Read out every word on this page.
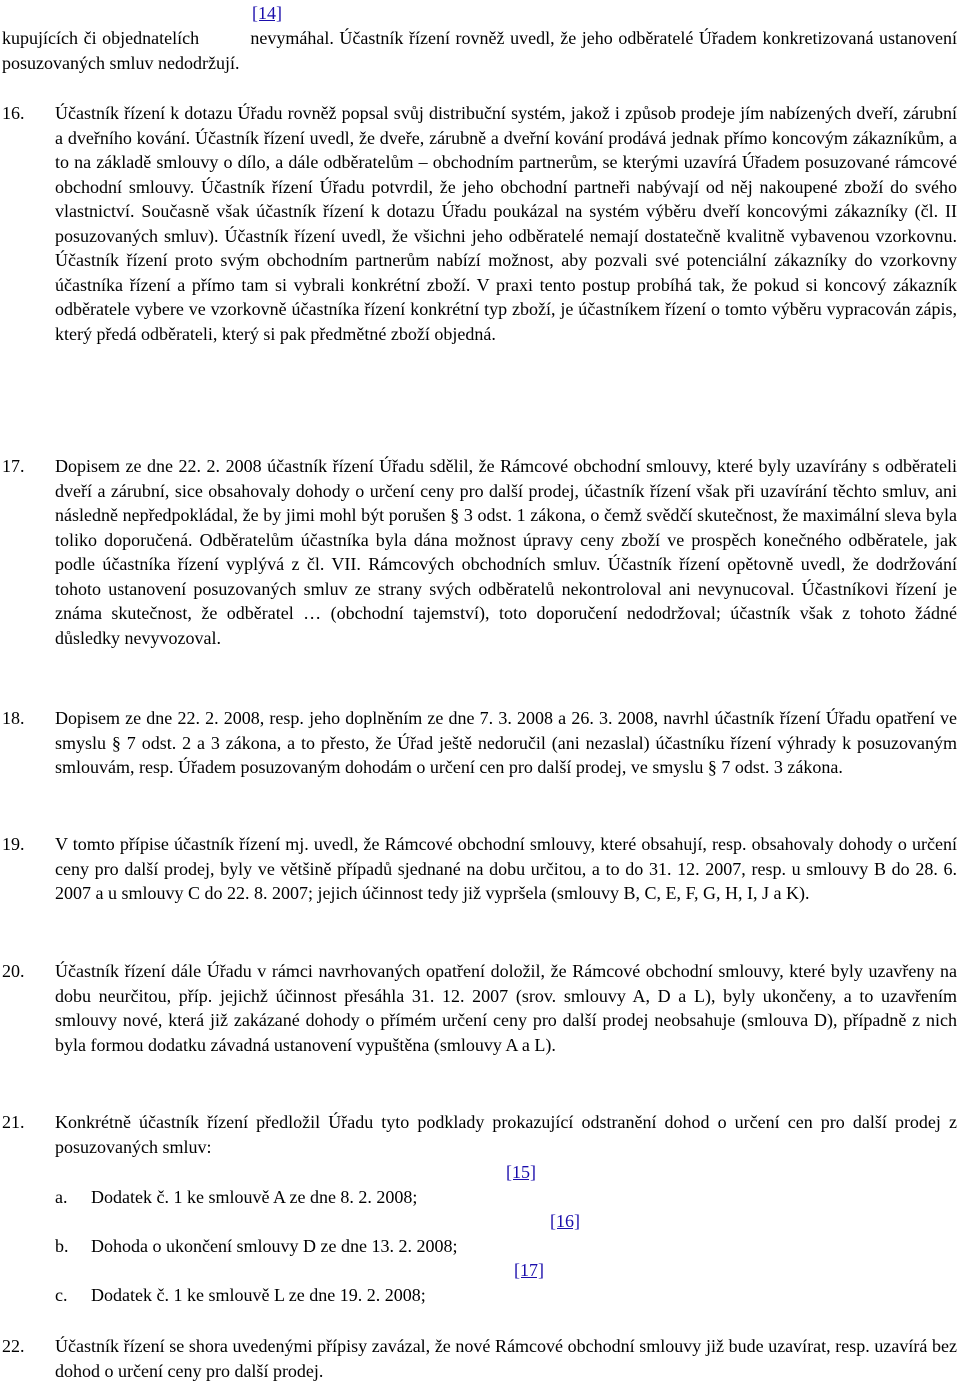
[14]

kupujících či objednatelích	nevymáhal. Účastník řízení rovněž uvedl, že jeho odběratelé Úřadem konkretizovaná ustanovení posuzovaných smluv nedodržují.

16. Účastník řízení k dotazu Úřadu rovněž popsal svůj distribuční systém, jakož i způsob prodeje jím nabízených dveří, zárubní a dveřního kování. Účastník řízení uvedl, že dveře, zárubně a dveřní kování prodává jednak přímo koncovým zákazníkům, a to na základě smlouvy o dílo, a dále odběratelům – obchodním partnerům, se kterými uzavírá Úřadem posuzované rámcové obchodní smlouvy. Účastník řízení Úřadu potvrdil, že jeho obchodní partneři nabývají od něj nakoupené zboží do svého vlastnictví. Současně však účastník řízení k dotazu Úřadu poukázal na systém výběru dveří koncovými zákazníky (čl. II posuzovaných smluv). Účastník řízení uvedl, že všichni jeho odběratelé nemají dostatečně kvalitně vybavenou vzorkovnu. Účastník řízení proto svým obchodním partnerům nabízí možnost, aby pozvali své potenciální zákazníky do vzorkovny účastníka řízení a přímo tam si vybrali konkrétní zboží. V praxi tento postup probíhá tak, že pokud si koncový zákazník odběratele vybere ve vzorkovně účastníka řízení konkrétní typ zboží, je účastníkem řízení o tomto výběru vypracován zápis, který předá odběrateli, který si pak předmětné zboží objedná.
17. Dopisem ze dne 22. 2. 2008 účastník řízení Úřadu sdělil, že Rámcové obchodní smlouvy, které byly uzavírány s odběrateli dveří a zárubní, sice obsahovaly dohody o určení ceny pro další prodej, účastník řízení však při uzavírání těchto smluv, ani následně nepředpokládal, že by jimi mohl být porušen § 3 odst. 1 zákona, o čemž svědčí skutečnost, že maximální sleva byla toliko doporučená. Odběratelům účastníka byla dána možnost úpravy ceny zboží ve prospěch konečného odběratele, jak podle účastníka řízení vyplývá z čl. VII. Rámcových obchodních smluv. Účastník řízení opětovně uvedl, že dodržování tohoto ustanovení posuzovaných smluv ze strany svých odběratelů nekontroloval ani nevynucoval. Účastníkovi řízení je známa skutečnost, že odběratel … (obchodní tajemství), toto doporučení nedodržoval; účastník však z tohoto žádné důsledky nevyvozoval.
18. Dopisem ze dne 22. 2. 2008, resp. jeho doplněním ze dne 7. 3. 2008 a 26. 3. 2008, navrhl účastník řízení Úřadu opatření ve smyslu § 7 odst. 2 a 3 zákona, a to přesto, že Úřad ještě nedoručil (ani nezaslal) účastníku řízení výhrady k posuzovaným smlouvám, resp. Úřadem posuzovaným dohodám o určení cen pro další prodej, ve smyslu § 7 odst. 3 zákona.
19. V tomto přípise účastník řízení mj. uvedl, že Rámcové obchodní smlouvy, které obsahují, resp. obsahovaly dohody o určení ceny pro další prodej, byly ve většině případů sjednané na dobu určitou, a to do 31. 12. 2007, resp. u smlouvy B do 28. 6. 2007 a u smlouvy C do 22. 8. 2007; jejich účinnost tedy již vypršela (smlouvy B, C, E, F, G, H, I, J a K).
20. Účastník řízení dále Úřadu v rámci navrhovaných opatření doložil, že Rámcové obchodní smlouvy, které byly uzavřeny na dobu neurčitou, příp. jejichž účinnost přesáhla 31. 12. 2007 (srov. smlouvy A, D a L), byly ukončeny, a to uzavřením smlouvy nové, která již zakázané dohody o přímém určení ceny pro další prodej neobsahuje (smlouva D), případně z nich byla formou dodatku závadná ustanovení vypuštěna (smlouvy A a L).
21. Konkrétně účastník řízení předložil Úřadu tyto podklady prokazující odstranění dohod o určení cen pro další prodej z posuzovaných smluv:
[15]
a. Dodatek č. 1 ke smlouvě A ze dne 8. 2. 2008;
[16]
b. Dohoda o ukončení smlouvy D ze dne 13. 2. 2008;
[17]
c. Dodatek č. 1 ke smlouvě L ze dne 19. 2. 2008;
22. Účastník řízení se shora uvedenými přípisy zavázal, že nové Rámcové obchodní smlouvy již bude uzavírat, resp. uzavírá bez dohod o určení ceny pro další prodej.
